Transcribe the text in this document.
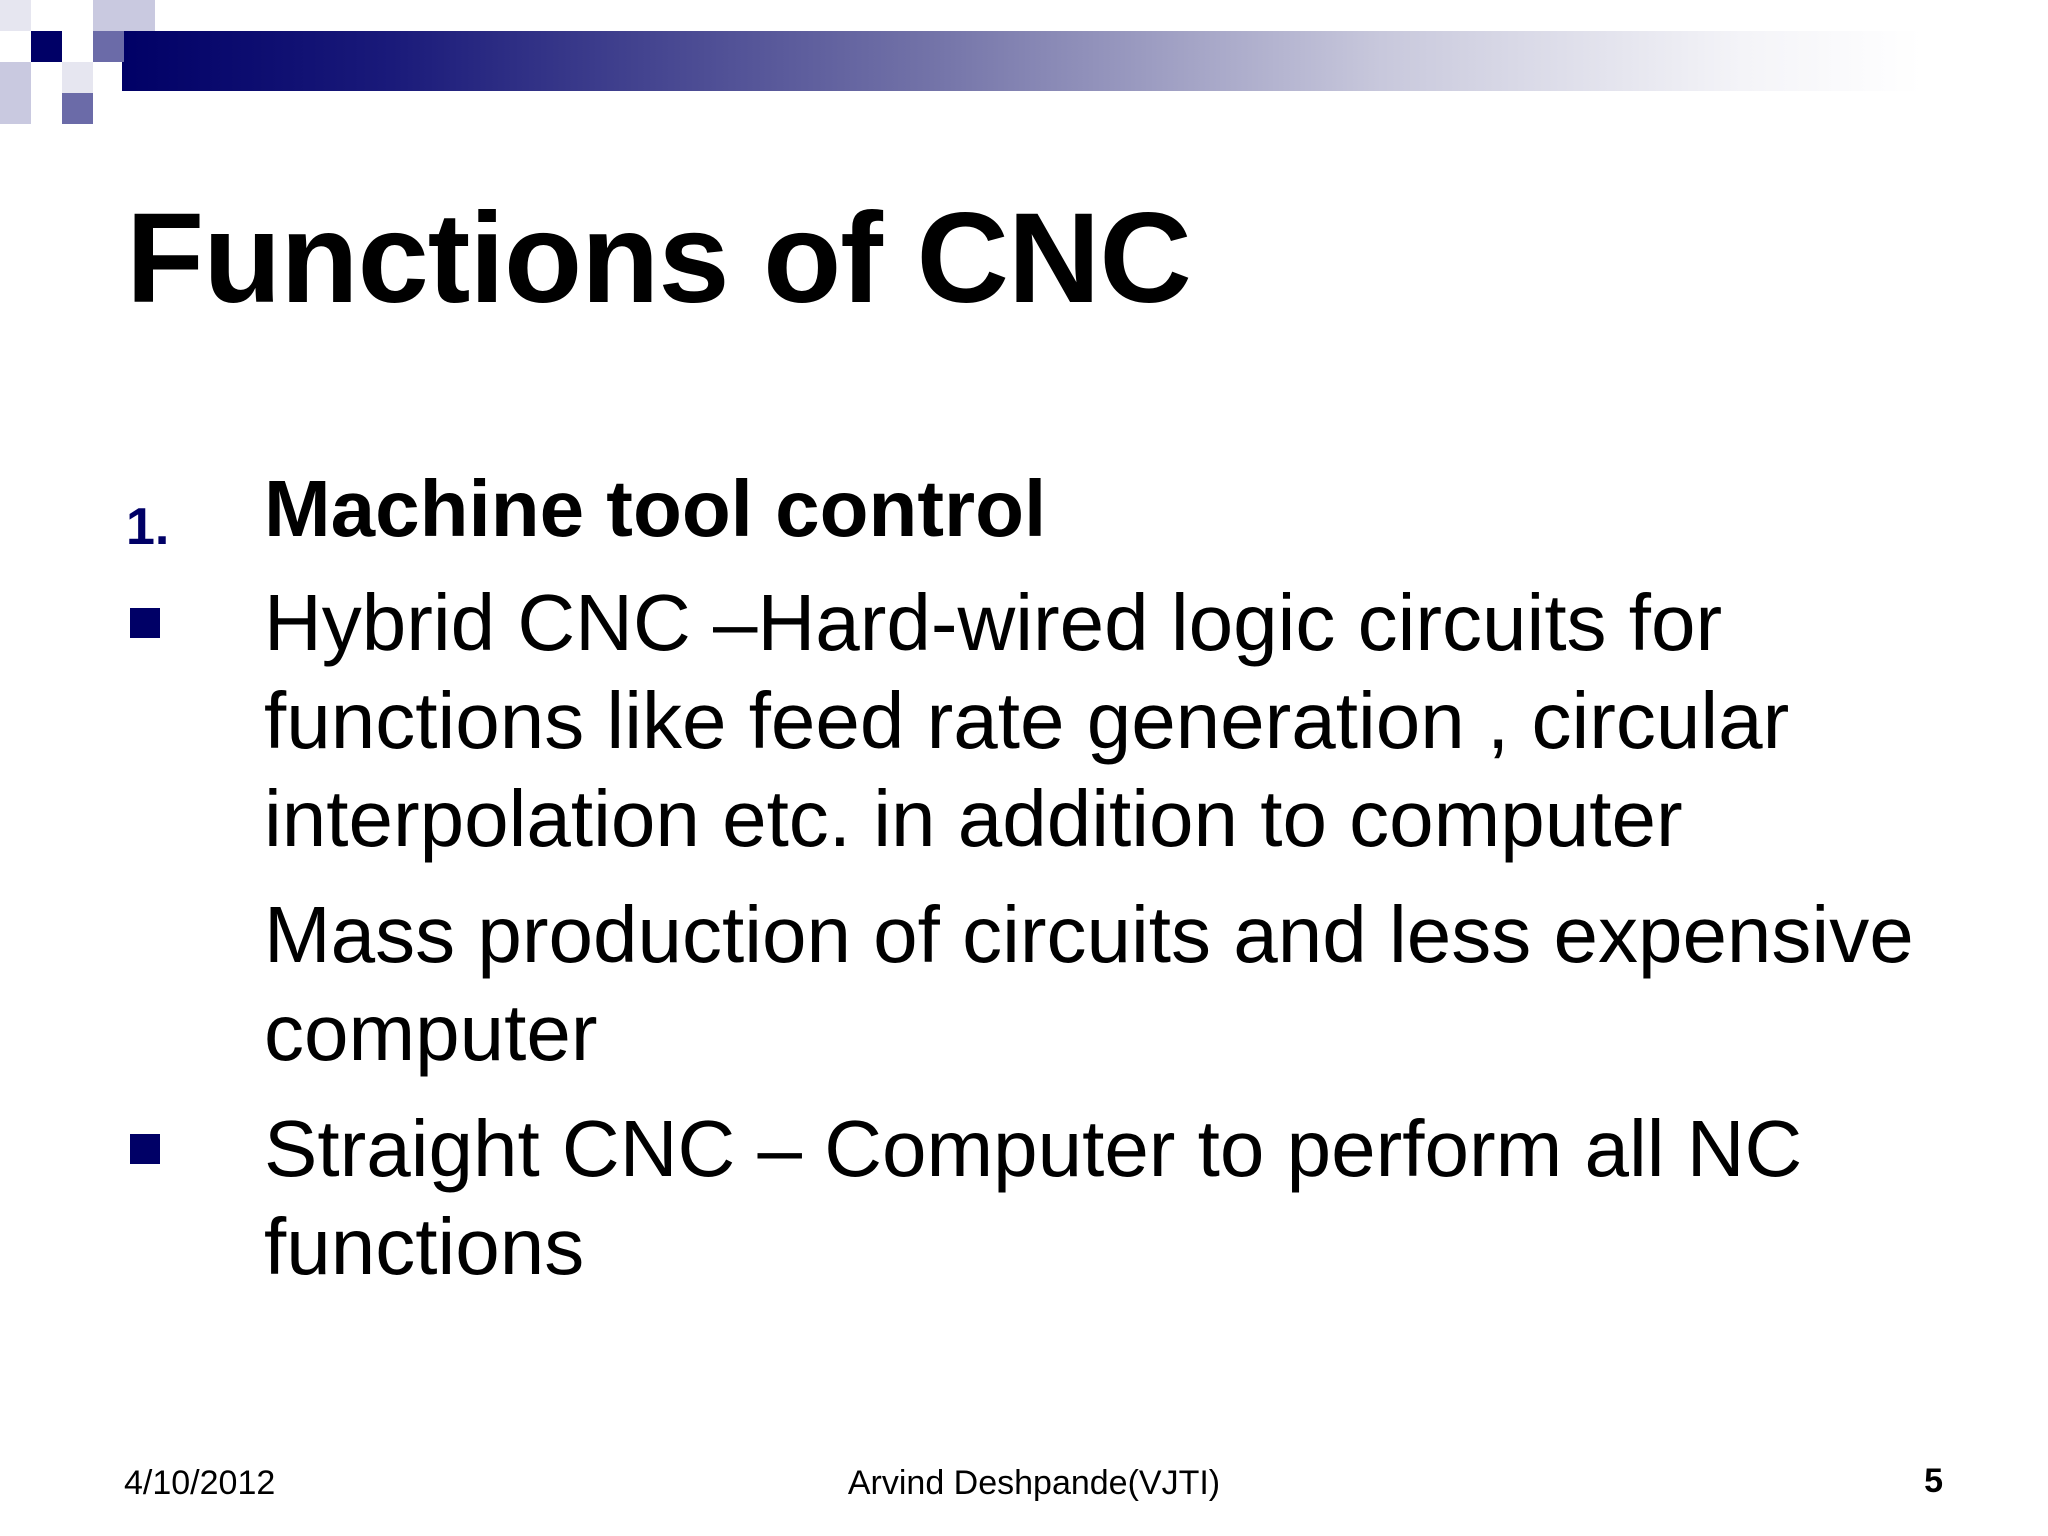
Functions of CNC
1. Machine tool control
Hybrid CNC –Hard-wired logic circuits for functions like feed rate generation , circular interpolation etc. in addition to computer
Mass production of circuits and less expensive computer
Straight CNC – Computer to perform all NC functions
4/10/2012	Arvind Deshpande(VJTI)	5
